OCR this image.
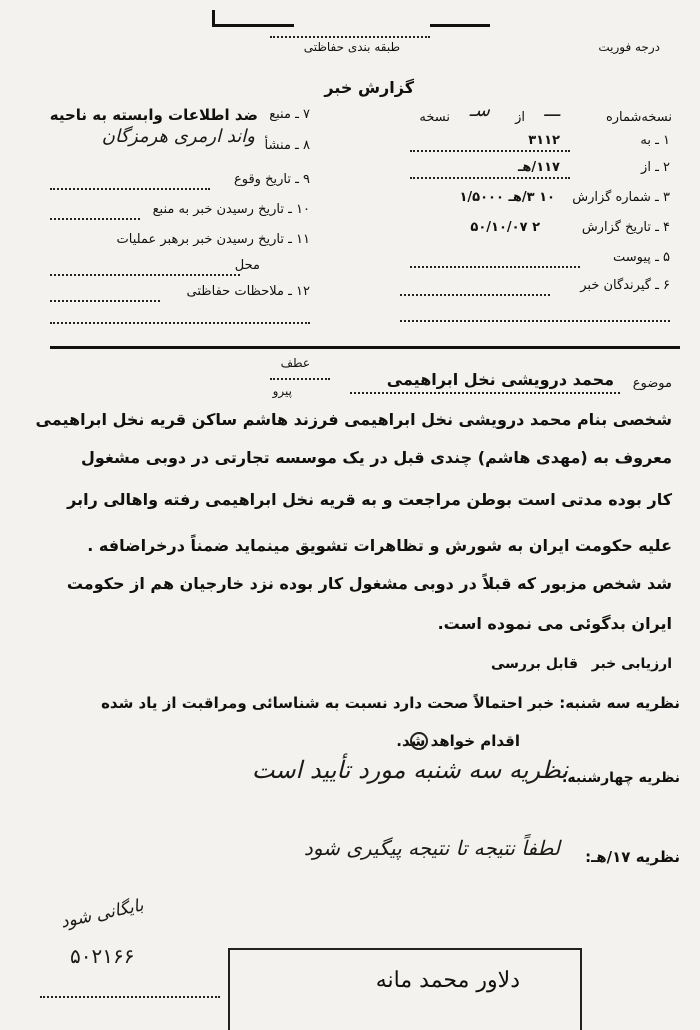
درجه فوریت
طبقه بندی حفاظتی
گزارش خبر
نسخه‌شماره
ـــ
از
سـ
نسخه
۱ ـ به
۳۱۱۲
۲ ـ از
۱۱۷/هـ
۳ ـ شماره گزارش
۱۰ ۳/هـ ۱/۵۰۰۰
۴ ـ تاریخ گزارش
۲ ۵۰/۱۰/۰۷
۵ ـ پیوست
۶ ـ گیرندگان خبر
۷ ـ منبع
ضد اطلاعات وابسته به ناحیه
۸ ـ منشأ
واند ارمری هرمزگان
۹ ـ تاریخ وقوع
۱۰ ـ تاریخ رسیدن خبر به منبع
۱۱ ـ تاریخ رسیدن خبر برهبر عملیات
محل
۱۲ ـ ملاحظات حفاظتی
عطف
پیرو	موضوع
محمد درویشی نخل ابراهیمی
شخصی بنام محمد درویشی نخل ابراهیمی فرزند هاشم ساکن قریه نخل ابراهیمی
معروف به (مهدی هاشم) چندی قبل در یک موسسه تجارتی در دوبی مشغول
کار بوده مدتی است بوطن مراجعت و به قریه نخل ابراهیمی رفته واهالی رابر
علیه حکومت ایران به شورش و تظاهرات تشویق مینماید ضمناً درخراضافه .
شد شخص مزبور که قبلاً در دوبی مشغول کار بوده نزد خارجیان هم از حکومت
ایران بدگوئی می نموده است.
ارزیابی خبر
قابل بررسی
نظریه سه شنبه: خبر احتمالاً صحت دارد نسبت به شناسائی ومراقبت از یاد شده
اقدام خواهد شد.
نظریه چهارشنبه:
نظریه سه شنبه مورد تأیید است
نظریه ۱۷/هـ:
لطفاً نتیجه تا نتیجه پیگیری شود
بایگانی شود
۵۰۲۱۶۶
دلاور محمد مانه
